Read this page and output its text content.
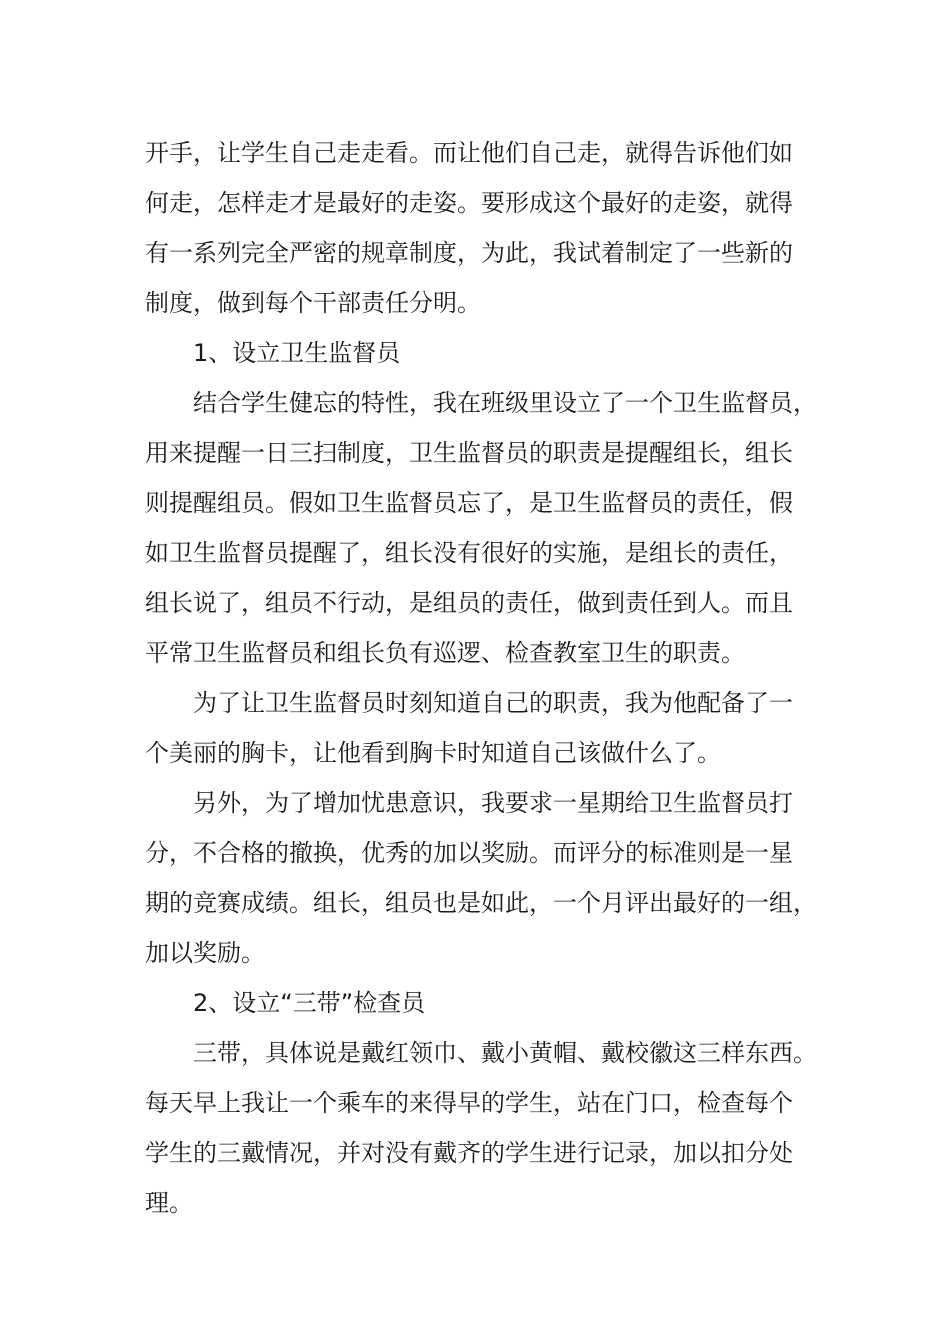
开手，让学生自己走走看。而让他们自己走，就得告诉他们如
何走，怎样走才是最好的走姿。要形成这个最好的走姿，就得
有一系列完全严密的规章制度，为此，我试着制定了一些新的
制度，做到每个干部责任分明。
1、设立卫生监督员
结合学生健忘的特性，我在班级里设立了一个卫生监督员，
用来提醒一日三扫制度，卫生监督员的职责是提醒组长，组长
则提醒组员。假如卫生监督员忘了，是卫生监督员的责任，假
如卫生监督员提醒了，组长没有很好的实施，是组长的责任，
组长说了，组员不行动，是组员的责任，做到责任到人。而且
平常卫生监督员和组长负有巡逻、检查教室卫生的职责。
为了让卫生监督员时刻知道自己的职责，我为他配备了一
个美丽的胸卡，让他看到胸卡时知道自己该做什么了。
另外，为了增加忧患意识，我要求一星期给卫生监督员打
分，不合格的撤换，优秀的加以奖励。而评分的标准则是一星
期的竞赛成绩。组长，组员也是如此，一个月评出最好的一组，
加以奖励。
2、设立“三带”检查员
三带，具体说是戴红领巾、戴小黄帽、戴校徽这三样东西。
每天早上我让一个乘车的来得早的学生，站在门口，检查每个
学生的三戴情况，并对没有戴齐的学生进行记录，加以扣分处
理。
